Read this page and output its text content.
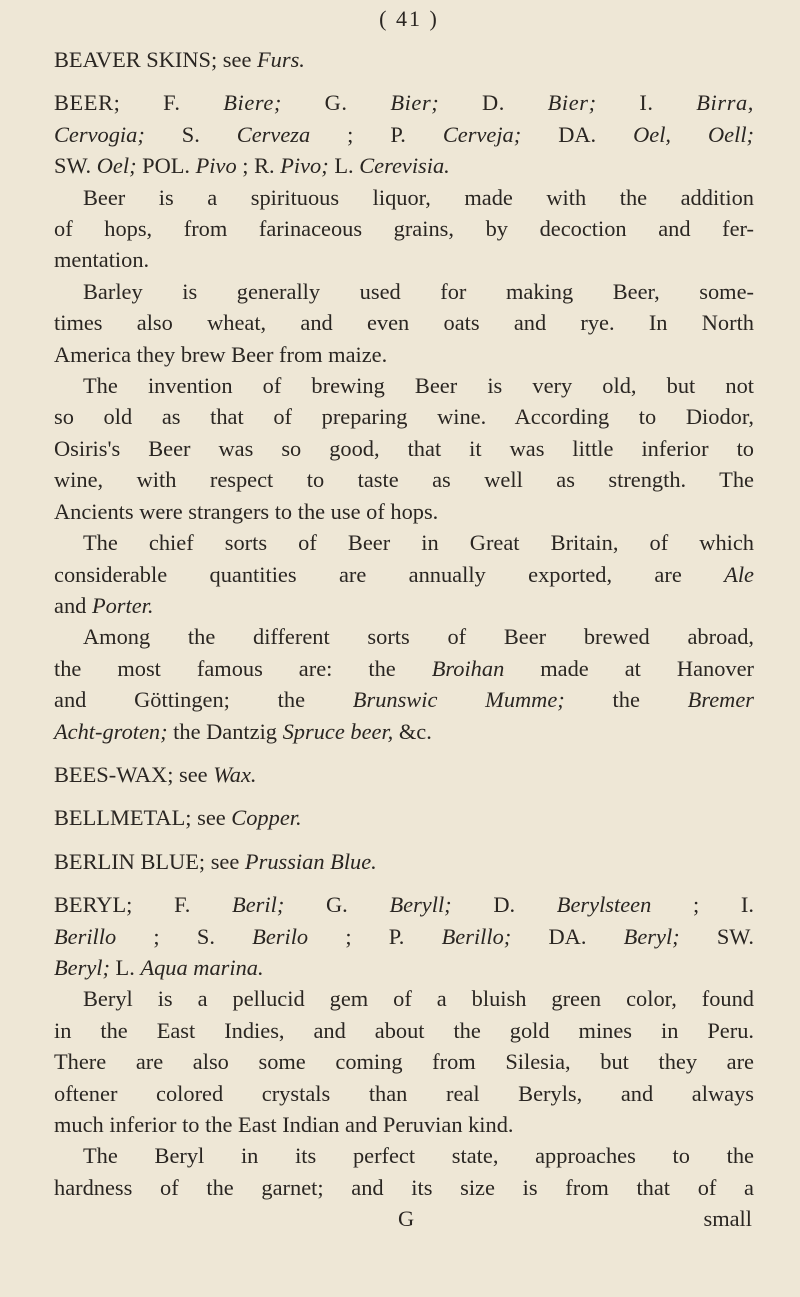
( 41 )
BEAVER SKINS; see Furs.
BEER; F. Biere; G. Bier; D. Bier; I. Birra,
Cervogia; S. Cerveza ; P. Cerveja; DA. Oel, Oell;
SW. Oel; POL. Pivo ; R. Pivo; L. Cerevisia.
Beer is a spirituous liquor, made with the addition
of hops, from farinaceous grains, by decoction and fer-
mentation.
Barley is generally used for making Beer, some-
times also wheat, and even oats and rye. In North
America they brew Beer from maize.
The invention of brewing Beer is very old, but not
so old as that of preparing wine. According to Diodor,
Osiris's Beer was so good, that it was little inferior to
wine, with respect to taste as well as strength. The
Ancients were strangers to the use of hops.
The chief sorts of Beer in Great Britain, of which
considerable quantities are annually exported, are Ale
and Porter.
Among the different sorts of Beer brewed abroad,
the most famous are: the Broihan made at Hanover
and Göttingen; the Brunswic Mumme; the Bremer
Acht-groten; the Dantzig Spruce beer, &c.
BEES-WAX; see Wax.
BELLMETAL; see Copper.
BERLIN BLUE; see Prussian Blue.
BERYL; F. Beril; G. Beryll; D. Berylsteen ; I.
Berillo ; S. Berilo ; P. Berillo; DA. Beryl; SW.
Beryl; L. Aqua marina.
Beryl is a pellucid gem of a bluish green color, found
in the East Indies, and about the gold mines in Peru.
There are also some coming from Silesia, but they are
oftener colored crystals than real Beryls, and always
much inferior to the East Indian and Peruvian kind.
The Beryl in its perfect state, approaches to the
hardness of the garnet; and its size is from that of a
G	small
